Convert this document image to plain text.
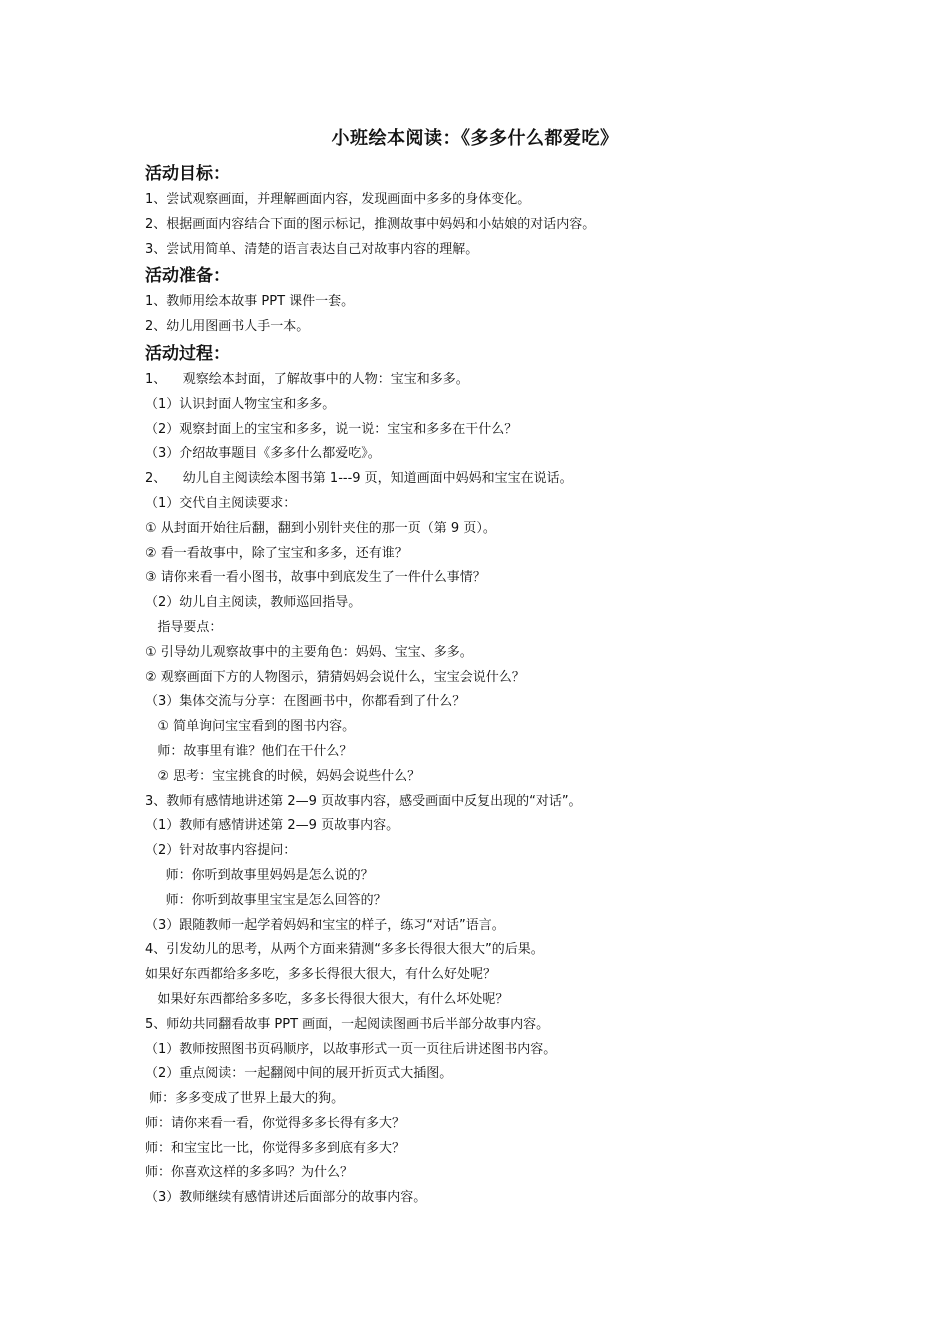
小班绘本阅读：《多多什么都爱吃》
活动目标：
1、尝试观察画面，并理解画面内容，发现画面中多多的身体变化。
2、根据画面内容结合下面的图示标记，推测故事中妈妈和小姑娘的对话内容。
3、尝试用简单、清楚的语言表达自己对故事内容的理解。
活动准备：
1、教师用绘本故事 PPT 课件一套。
2、幼儿用图画书人手一本。
活动过程：
1、    观察绘本封面，了解故事中的人物：宝宝和多多。
（1）认识封面人物宝宝和多多。
（2）观察封面上的宝宝和多多，说一说：宝宝和多多在干什么？
（3）介绍故事题目《多多什么都爱吃》。
2、    幼儿自主阅读绘本图书第 1---9 页，知道画面中妈妈和宝宝在说话。
（1）交代自主阅读要求：
① 从封面开始往后翻，翻到小别针夹住的那一页（第 9 页）。
② 看一看故事中，除了宝宝和多多，还有谁？
③ 请你来看一看小图书，故事中到底发生了一件什么事情？
（2）幼儿自主阅读，教师巡回指导。
指导要点：
① 引导幼儿观察故事中的主要角色：妈妈、宝宝、多多。
② 观察画面下方的人物图示，猜猜妈妈会说什么，宝宝会说什么？
（3）集体交流与分享：在图画书中，你都看到了什么？
① 简单询问宝宝看到的图书内容。
师：故事里有谁？他们在干什么？
② 思考：宝宝挑食的时候，妈妈会说些什么？
3、教师有感情地讲述第 2—9 页故事内容，感受画面中反复出现的“对话”。
（1）教师有感情讲述第 2—9 页故事内容。
（2）针对故事内容提问：
师：你听到故事里妈妈是怎么说的？
师：你听到故事里宝宝是怎么回答的？
（3）跟随教师一起学着妈妈和宝宝的样子，练习“对话”语言。
4、引发幼儿的思考，从两个方面来猜测“多多长得很大很大”的后果。
如果好东西都给多多吃，多多长得很大很大，有什么好处呢？
如果好东西都给多多吃，多多长得很大很大，有什么坏处呢？
5、师幼共同翻看故事 PPT 画面，一起阅读图画书后半部分故事内容。
（1）教师按照图书页码顺序，以故事形式一页一页往后讲述图书内容。
（2）重点阅读：一起翻阅中间的展开折页式大插图。
师：多多变成了世界上最大的狗。
师：请你来看一看，你觉得多多长得有多大？
师：和宝宝比一比，你觉得多多到底有多大？
师：你喜欢这样的多多吗？为什么？
（3）教师继续有感情讲述后面部分的故事内容。
